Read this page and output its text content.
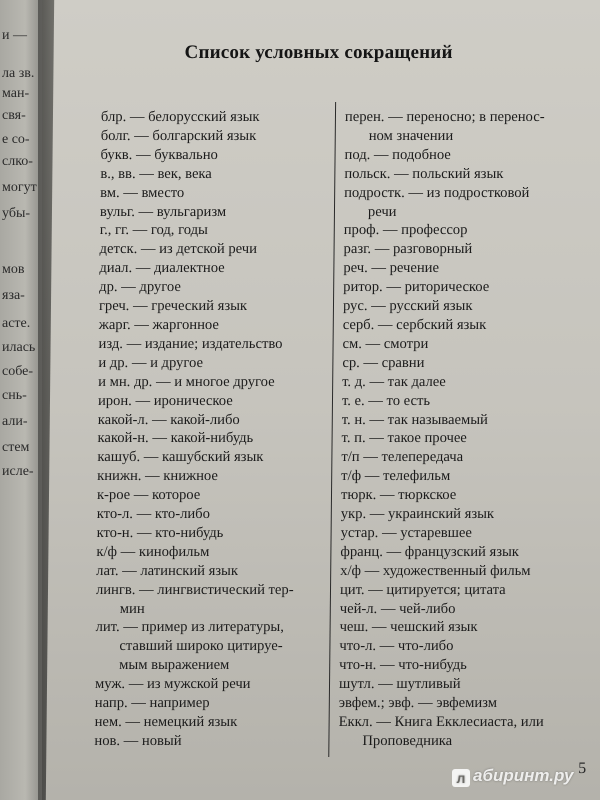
и —
ла зв.
ман-
свя-
е со-
слко-
могут
убы-
мов
яза-
асте.
илась
собе-
снь-
али-
стем
исле-
Список условных сокращений
блр. — белорусский язык
болг. — болгарский язык
букв. — буквально
в., вв. — век, века
вм. — вместо
вульг. — вульгаризм
г., гг. — год, годы
детск. — из детской речи
диал. — диалектное
др. — другое
греч. — греческий язык
жарг. — жаргонное
изд. — издание; издательство
и др. — и другое
и мн. др. — и многое другое
ирон. — ироническое
какой-л. — какой-либо
какой-н. — какой-нибудь
кашуб. — кашубский язык
книжн. — книжное
к-рое — которое
кто-л. — кто-либо
кто-н. — кто-нибудь
к/ф — кинофильм
лат. — латинский язык
лингв. — лингвистический тер-
мин
лит. — пример из литературы,
ставший широко цитируе-
мым выражением
муж. — из мужской речи
напр. — например
нем. — немецкий язык
нов. — новый
перен. — переносно; в перенос-
ном значении
под. — подобное
польск. — польский язык
подростк. — из подростковой
речи
проф. — профессор
разг. — разговорный
реч. — речение
ритор. — риторическое
рус. — русский язык
серб. — сербский язык
см. — смотри
ср. — сравни
т. д. — так далее
т. е. — то есть
т. н. — так называемый
т. п. — такое прочее
т/п — телепередача
т/ф — телефильм
тюрк. — тюркское
укр. — украинский язык
устар. — устаревшее
франц. — французский язык
х/ф — художественный фильм
цит. — цитируется; цитата
чей-л. — чей-либо
чеш. — чешский язык
что-л. — что-либо
что-н. — что-нибудь
шутл. — шутливый
эвфем.; эвф. — эвфемизм
Еккл. — Книга Екклесиаста, или
Проповедника
5
л абиринт.ру
